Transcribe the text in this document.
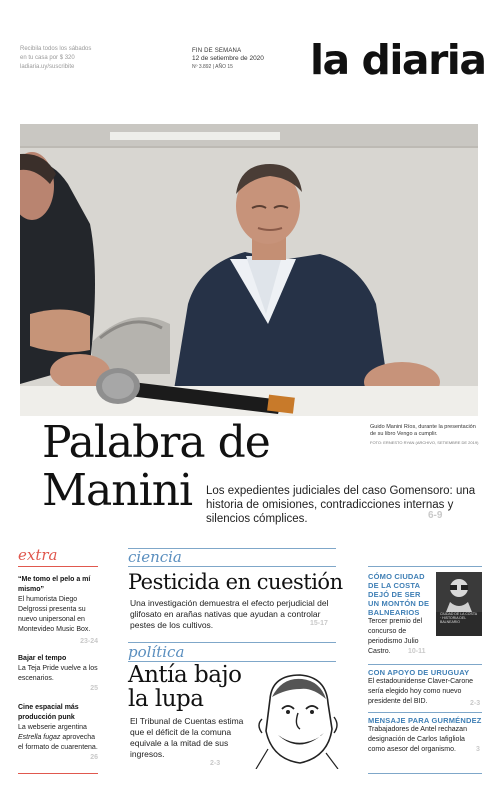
Recibila todos los sábados
en tu casa por $ 320
ladiaria.uy/suscribite
FIN DE SEMANA
12 de setiembre de 2020
Nº 3.892 | AÑO 15	la diaria
Guido Manini Ríos, durante la presentación de su libro Vengo a cumplir.
FOTO: ERNESTO RYAN (ARCHIVO, SETIEMBRE DE 2019)
Palabra de
Manini	Los expedientes judiciales del caso Gomensoro: una historia de omisiones, contradicciones internas y silencios cómplices.	6-9
extra
“Me tomo el pelo a mí mismo”
El humorista Diego Delgrossi presenta su nuevo unipersonal en Montevideo Music Box.
23-24
Bajar el tempo
La Teja Pride vuelve a los escenarios.
25
Cine espacial más producción punk
La webserie argentina Estrella fugaz aprovecha el formato de cuarentena.
26
ciencia
Pesticida en cuestión
Una investigación demuestra el efecto perjudicial del glifosato en arañas nativas que ayudan a controlar pestes de los cultivos.	15-17
política
Antía bajo
la lupa
El Tribunal de Cuentas estima que el déficit de la comuna equivale a la mitad de sus ingresos.
2-3
CÓMO CIUDAD DE LA COSTA DEJÓ DE SER UN MONTÓN DE BALNEARIOS
Tercer premio del concurso de periodismo Julio Castro.	10-11
CIUDAD DE LA COSTA · HISTORIA DEL BALNEARIO
CON APOYO DE URUGUAY
El estadounidense Claver-Carone sería elegido hoy como nuevo presidente del BID.	2-3
MENSAJE PARA GURMÉNDEZ
Trabajadores de Antel rechazan designación de Carlos Iafigliola como asesor del organismo.	3
